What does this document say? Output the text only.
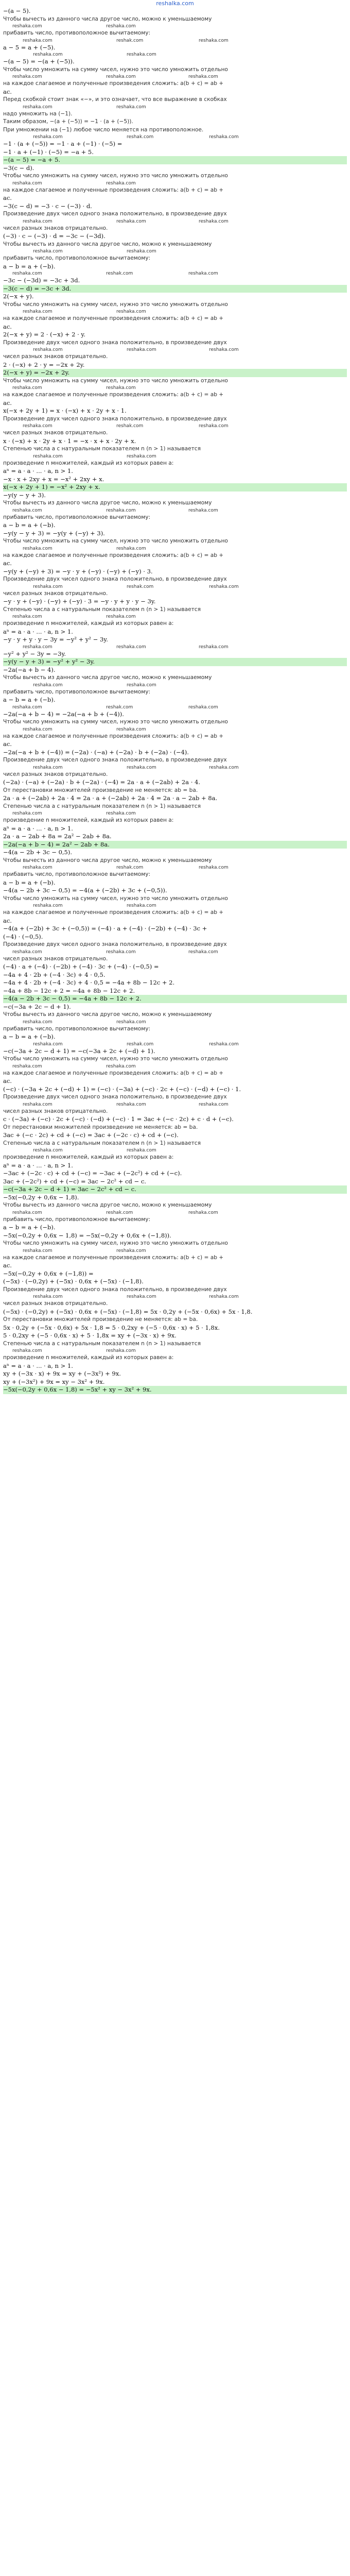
reshalka.com
−(a − 5).
Чтобы вычесть из данного числа другое число, можно к уменьшаемому
reshaka.com	reshaka.com
прибавить число, противоположное вычитаемому:
reshaka.com	reshak.com	reshaka.com
a − 5 = a + (−5).
reshaka.com	reshaka.com
−(a − 5) = −(a + (−5)).
Чтобы число умножить на сумму чисел, нужно это число умножить отдельно
reshaka.com	reshaka.com	reshaka.com
на каждое слагаемое и полученные произведения сложить: a(b + c) = ab +
ac.
Перед скобкой стоит знак «−», и это означает, что все выражение в скобках
reshaka.com	reshaka.com
надо умножить на (−1).
Таким образом, −(a + (−5)) = −1 · (a + (−5)).
При умножении на (−1) любое число меняется на противоположное.
reshaka.com	reshak.com	reshaka.com
−1 · (a + (−5)) = −1 · a + (−1) · (−5) =
−1 · a + (−1) · (−5) = −a + 5.
−(a − 5) = −a + 5.
−3(c − d).
Чтобы число умножить на сумму чисел, нужно это число умножить отдельно
reshaka.com	reshaka.com
на каждое слагаемое и полученные произведения сложить: a(b + c) = ab +
ac.
−3(c − d) = −3 · c − (−3) · d.
Произведение двух чисел одного знака положительно, в произведение двух
reshaka.com	reshaka.com	reshaka.com
чисел разных знаков отрицательно.
(−3) · c − (−3) · d = −3c − (−3d).
Чтобы вычесть из данного числа другое число, можно к уменьшаемому
reshaka.com	reshaka.com
прибавить число, противоположное вычитаемому:
a − b = a + (−b).
reshaka.com	reshak.com	reshaka.com
−3c − (−3d) = −3c + 3d.
−3(c − d) = −3c + 3d.
2(−x + y).
Чтобы число умножить на сумму чисел, нужно это число умножить отдельно
reshaka.com	reshaka.com
на каждое слагаемое и полученные произведения сложить: a(b + c) = ab +
ac.
2(−x + y) = 2 · (−x) + 2 · y.
Произведение двух чисел одного знака положительно, в произведение двух
reshaka.com	reshaka.com	reshaka.com
чисел разных знаков отрицательно.
2 · (−x) + 2 · y = −2x + 2y.
2(−x + y) = −2x + 2y.
Чтобы число умножить на сумму чисел, нужно это число умножить отдельно
reshaka.com	reshaka.com
на каждое слагаемое и полученные произведения сложить: a(b + c) = ab +
ac.
x(−x + 2y + 1) = x · (−x) + x · 2y + x · 1.
Произведение двух чисел одного знака положительно, в произведение двух
reshaka.com	reshak.com	reshaka.com
чисел разных знаков отрицательно.
x · (−x) + x · 2y + x · 1 = −x · x + x · 2y + x.
Степенью числа a с натуральным показателем n (n > 1) называется
reshaka.com	reshaka.com
произведение n множителей, каждый из которых равен a:
aⁿ = a · a · ... · a, n > 1.
−x · x + 2xy + x = −x² + 2xy + x.
x(−x + 2y + 1) = −x² + 2xy + x.
−y(y − y + 3).
Чтобы вычесть из данного числа другое число, можно к уменьшаемому
reshaka.com	reshaka.com	reshaka.com
прибавить число, противоположное вычитаемому:
a − b = a + (−b).
−y(y − y + 3) = −y(y + (−y) + 3).
Чтобы число умножить на сумму чисел, нужно это число умножить отдельно
reshaka.com	reshaka.com
на каждое слагаемое и полученные произведения сложить: a(b + c) = ab +
ac.
−y(y + (−y) + 3) = −y · y + (−y) · (−y) + (−y) · 3.
Произведение двух чисел одного знака положительно, в произведение двух
reshaka.com	reshak.com	reshaka.com
чисел разных знаков отрицательно.
−y · y + (−y) · (−y) + (−y) · 3 = −y · y + y · y − 3y.
Степенью числа a с натуральным показателем n (n > 1) называется
reshaka.com	reshaka.com
произведение n множителей, каждый из которых равен a:
aⁿ = a · a · ... · a, n > 1.
−y · y + y · y − 3y = −y² + y² − 3y.
reshaka.com	reshaka.com	reshaka.com
−y² + y² − 3y = −3y.
−y(y − y + 3) = −y² + y² − 3y.
−2a(−a + b − 4).
Чтобы вычесть из данного числа другое число, можно к уменьшаемому
reshaka.com	reshaka.com
прибавить число, противоположное вычитаемому:
a − b = a + (−b).
reshaka.com	reshak.com	reshaka.com
−2a(−a + b − 4) = −2a(−a + b + (−4)).
Чтобы число умножить на сумму чисел, нужно это число умножить отдельно
reshaka.com	reshaka.com
на каждое слагаемое и полученные произведения сложить: a(b + c) = ab +
ac.
−2a(−a + b + (−4)) = (−2a) · (−a) + (−2a) · b + (−2a) · (−4).
Произведение двух чисел одного знака положительно, в произведение двух
reshaka.com	reshaka.com	reshaka.com
чисел разных знаков отрицательно.
(−2a) · (−a) + (−2a) · b + (−2a) · (−4) = 2a · a + (−2ab) + 2a · 4.
От перестановки множителей произведение не меняется: ab = ba.
2a · a + (−2ab) + 2a · 4 = 2a · a + (−2ab) + 2a · 4 = 2a · a − 2ab + 8a.
Степенью числа a с натуральным показателем n (n > 1) называется
reshaka.com	reshaka.com
произведение n множителей, каждый из которых равен a:
aⁿ = a · a · ... · a, n > 1.
2a · a − 2ab + 8a = 2a² − 2ab + 8a.
−2a(−a + b − 4) = 2a² − 2ab + 8a.
−4(a − 2b + 3c − 0,5).
Чтобы вычесть из данного числа другое число, можно к уменьшаемому
reshaka.com	reshak.com	reshaka.com
прибавить число, противоположное вычитаемому:
a − b = a + (−b).
−4(a − 2b + 3c − 0,5) = −4(a + (−2b) + 3c + (−0,5)).
Чтобы число умножить на сумму чисел, нужно это число умножить отдельно
reshaka.com	reshaka.com
на каждое слагаемое и полученные произведения сложить: a(b + c) = ab +
ac.
−4(a + (−2b) + 3c + (−0,5)) = (−4) · a + (−4) · (−2b) + (−4) · 3c +
(−4) · (−0,5).
Произведение двух чисел одного знака положительно, в произведение двух
reshaka.com	reshaka.com	reshaka.com
чисел разных знаков отрицательно.
(−4) · a + (−4) · (−2b) + (−4) · 3c + (−4) · (−0,5) =
−4a + 4 · 2b + (−4 · 3c) + 4 · 0,5.
−4a + 4 · 2b + (−4 · 3c) + 4 · 0,5 = −4a + 8b − 12c + 2.
−4a + 8b − 12c + 2 = −4a + 8b − 12c + 2.
−4(a − 2b + 3c − 0,5) = −4a + 8b − 12c + 2.
−c(−3a + 2c − d + 1).
Чтобы вычесть из данного числа другое число, можно к уменьшаемому
reshaka.com	reshaka.com
прибавить число, противоположное вычитаемому:
a − b = a + (−b).
reshaka.com	reshak.com	reshaka.com
−c(−3a + 2c − d + 1) = −c(−3a + 2c + (−d) + 1).
Чтобы число умножить на сумму чисел, нужно это число умножить отдельно
reshaka.com	reshaka.com
на каждое слагаемое и полученные произведения сложить: a(b + c) = ab +
ac.
(−c) · (−3a + 2c + (−d) + 1) = (−c) · (−3a) + (−c) · 2c + (−c) · (−d) + (−c) · 1.
Произведение двух чисел одного знака положительно, в произведение двух
reshaka.com	reshaka.com	reshaka.com
чисел разных знаков отрицательно.
c · (−3a) + (−c) · 2c + (−c) · (−d) + (−c) · 1 = 3ac + (−c · 2c) + c · d + (−c).
От перестановки множителей произведение не меняется: ab = ba.
3ac + (−c · 2c) + cd + (−c) = 3ac + (−2c · c) + cd + (−c).
Степенью числа a с натуральным показателем n (n > 1) называется
reshaka.com	reshaka.com
произведение n множителей, каждый из которых равен a:
aⁿ = a · a · ... · a, n > 1.
−3ac + (−2c · c) + cd + (−c) = −3ac + (−2c²) + cd + (−c).
3ac + (−2c²) + cd + (−c) = 3ac − 2c² + cd − c.
−c(−3a + 2c − d + 1) = 3ac − 2c² + cd − c.
−5x(−0,2y + 0,6x − 1,8).
Чтобы вычесть из данного числа другое число, можно к уменьшаемому
reshaka.com	reshak.com	reshaka.com
прибавить число, противоположное вычитаемому:
a − b = a + (−b).
−5x(−0,2y + 0,6x − 1,8) = −5x(−0,2y + 0,6x + (−1,8)).
Чтобы число умножить на сумму чисел, нужно это число умножить отдельно
reshaka.com	reshaka.com
на каждое слагаемое и полученные произведения сложить: a(b + c) = ab +
ac.
−5x(−0,2y + 0,6x + (−1,8)) =
(−5x) · (−0,2y) + (−5x) · 0,6x + (−5x) · (−1,8).
Произведение двух чисел одного знака положительно, в произведение двух
reshaka.com	reshaka.com	reshaka.com
чисел разных знаков отрицательно.
(−5x) · (−0,2y) + (−5x) · 0,6x + (−5x) · (−1,8) = 5x · 0,2y + (−5x · 0,6x) + 5x · 1,8.
От перестановки множителей произведение не меняется: ab = ba.
5x · 0,2y + (−5x · 0,6x) + 5x · 1,8 = 5 · 0,2xy + (−5 · 0,6x · x) + 5 · 1,8x.
5 · 0,2xy + (−5 · 0,6x · x) + 5 · 1,8x = xy + (−3x · x) + 9x.
Степенью числа a с натуральным показателем n (n > 1) называется
reshaka.com	reshaka.com
произведение n множителей, каждый из которых равен a:
aⁿ = a · a · ... · a, n > 1.
xy + (−3x · x) + 9x = xy + (−3x²) + 9x.
xy + (−3x²) + 9x = xy − 3x² + 9x.
−5x(−0,2y + 0,6x − 1,8) = −5x² + xy − 3x² + 9x.
